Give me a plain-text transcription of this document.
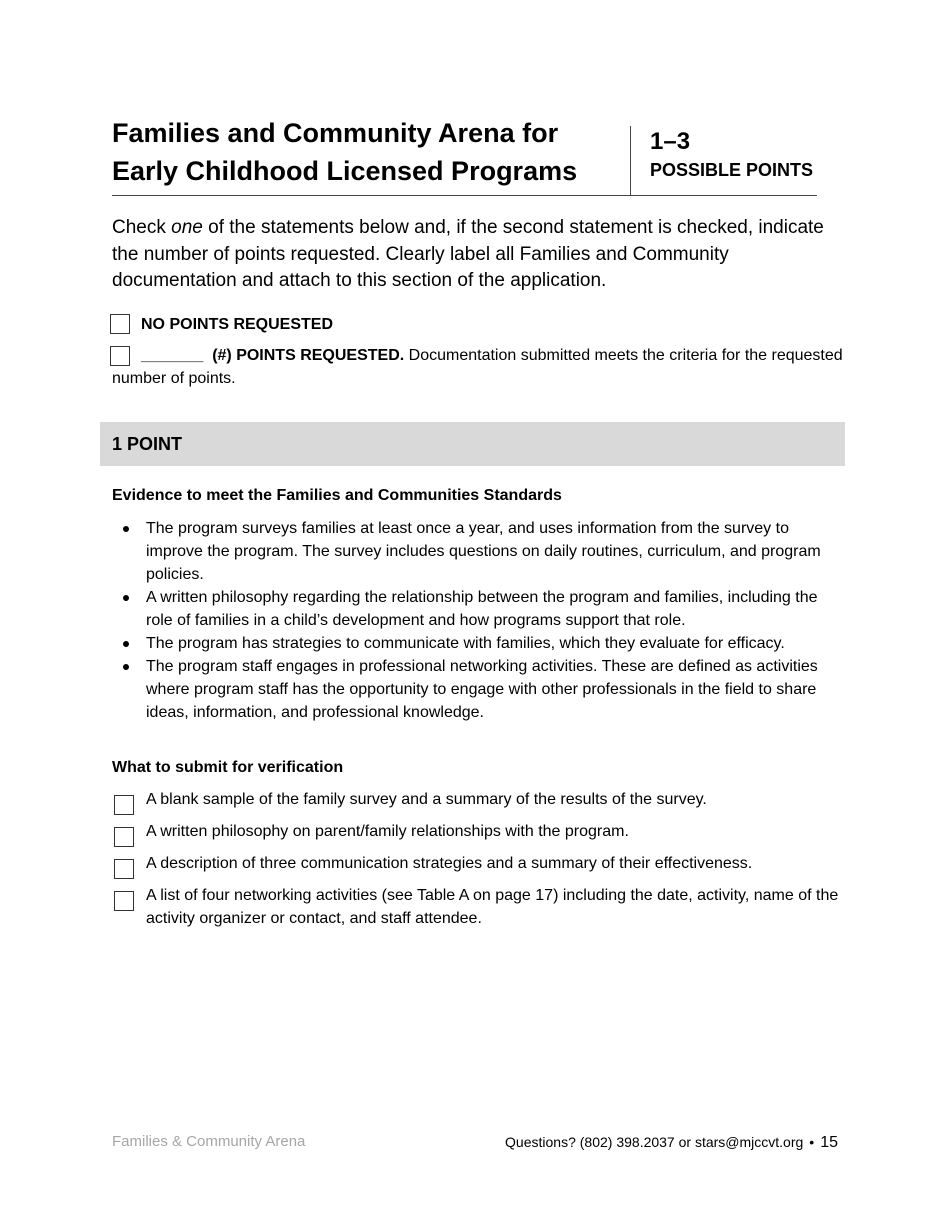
Families and Community Arena for
Early Childhood Licensed Programs
1–3
POSSIBLE POINTS

Check one of the statements below and, if the second statement is checked, indicate the number of points requested. Clearly label all Families and Community documentation and attach to this section of the application.

NO POINTS REQUESTED

_______ (#) POINTS REQUESTED. Documentation submitted meets the criteria for the requested number of points.

1 POINT
Evidence to meet the Families and Communities Standards
The program surveys families at least once a year, and uses information from the survey to improve the program. The survey includes questions on daily routines, curriculum, and program policies.
A written philosophy regarding the relationship between the program and families, including the role of families in a child’s development and how programs support that role.
The program has strategies to communicate with families, which they evaluate for efficacy.
The program staff engages in professional networking activities. These are defined as activities where program staff has the opportunity to engage with other professionals in the field to share ideas, information, and professional knowledge.
What to submit for verification
A blank sample of the family survey and a summary of the results of the survey.
A written philosophy on parent/family relationships with the program.
A description of three communication strategies and a summary of their effectiveness.
A list of four networking activities (see Table A on page 17) including the date, activity, name of the activity organizer or contact, and staff attendee.
Families & Community Arena	Questions? (802) 398.2037 or stars@mjccvt.org • 15
